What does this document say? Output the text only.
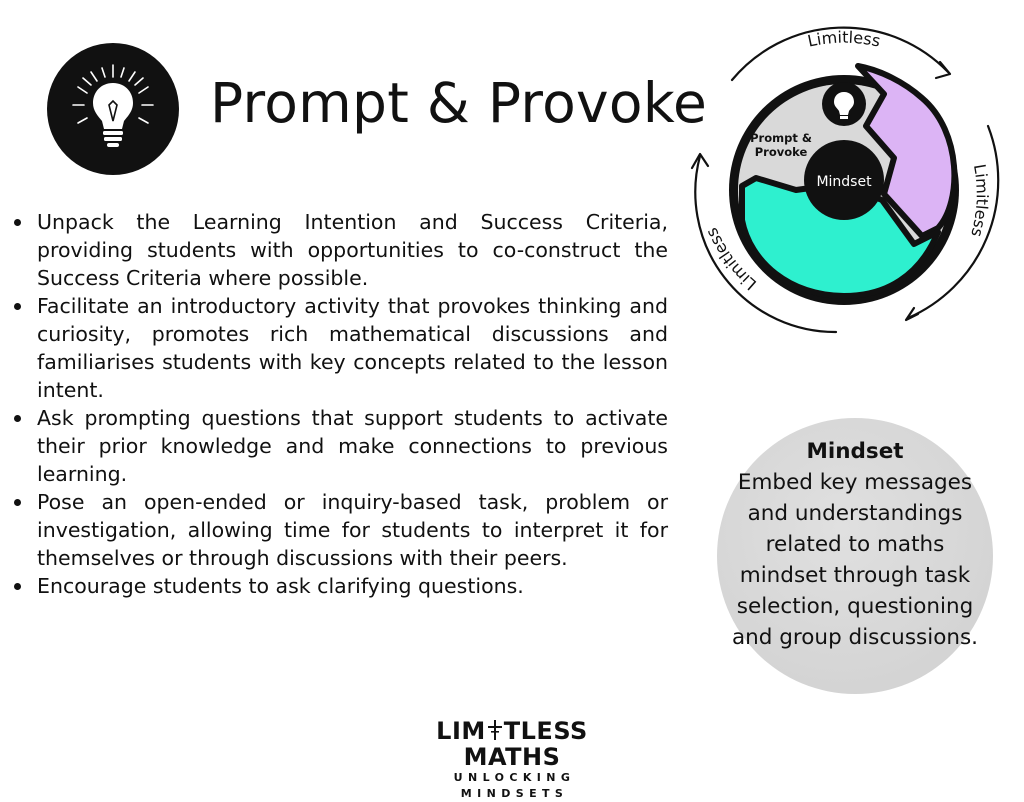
Prompt & Provoke
Unpack the Learning Intention and Success Criteria, providing students with opportunities to co-construct the Success Criteria where possible.
Facilitate an introductory activity that provokes thinking and curiosity, promotes rich mathematical discussions and familiarises students with key concepts related to the lesson intent.
Ask prompting questions that support students to activate their prior knowledge and make connections to previous learning.
Pose an open-ended or inquiry-based task, problem or investigation, allowing time for students to interpret it for themselves or through discussions with their peers.
Encourage students to ask clarifying questions.
Limitless
Limitless
Limitless
Prompt &
Provoke
Mindset
Mindset
Embed key messages and understandings related to maths mindset through task selection, questioning and group discussions.
LIM TLESS MATHS
UNLOCKING MINDSETS
